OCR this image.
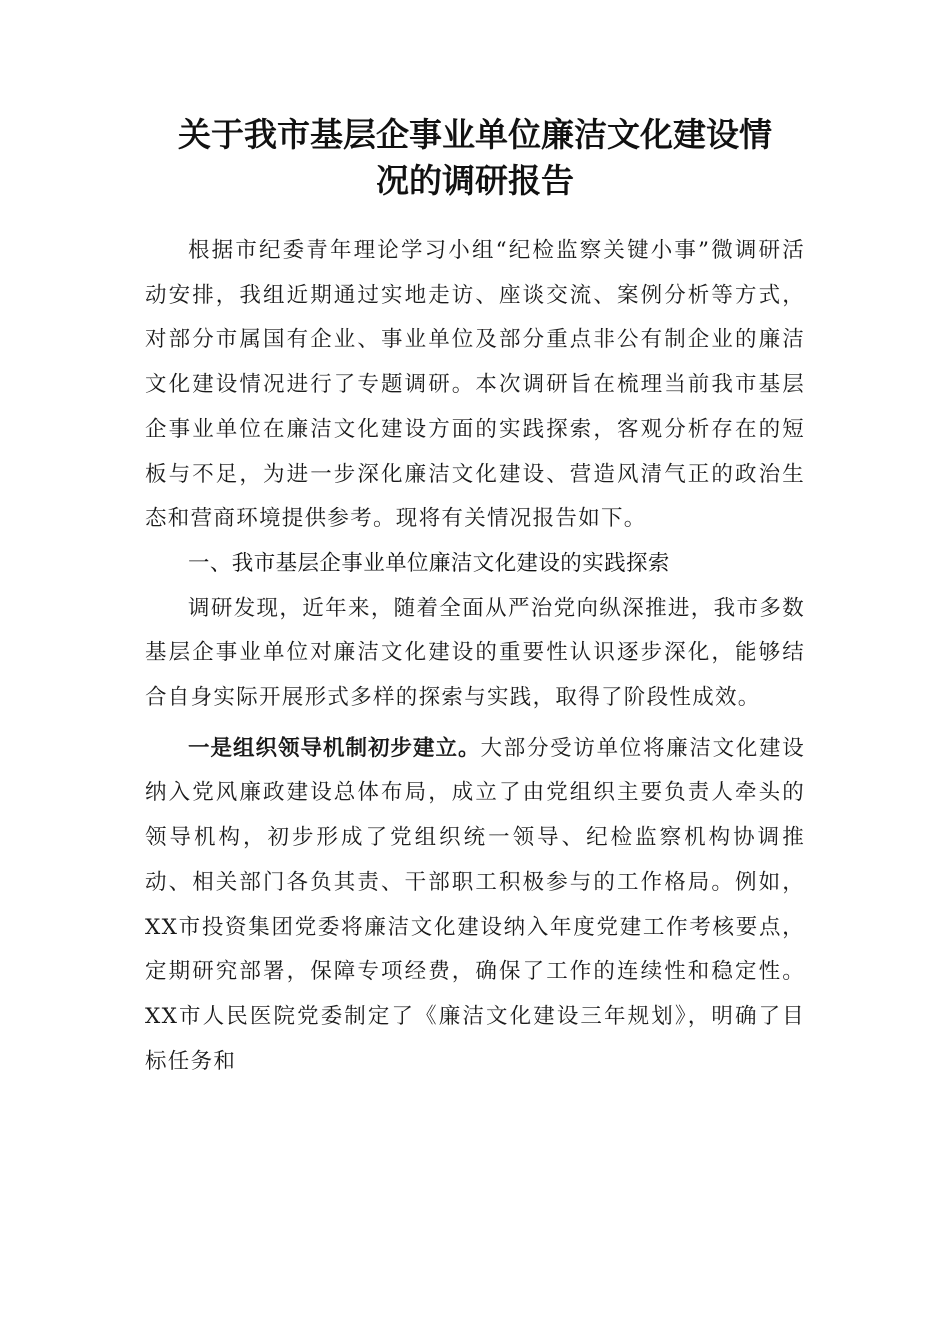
关于我市基层企事业单位廉洁文化建设情
况的调研报告

根据市纪委青年理论学习小组“纪检监察关键小事”微调研活动安排，我组近期通过实地走访、座谈交流、案例分析等方式，对部分市属国有企业、事业单位及部分重点非公有制企业的廉洁文化建设情况进行了专题调研。本次调研旨在梳理当前我市基层企事业单位在廉洁文化建设方面的实践探索，客观分析存在的短板与不足，为进一步深化廉洁文化建设、营造风清气正的政治生态和营商环境提供参考。现将有关情况报告如下。

一、我市基层企事业单位廉洁文化建设的实践探索

调研发现，近年来，随着全面从严治党向纵深推进，我市多数基层企事业单位对廉洁文化建设的重要性认识逐步深化，能够结合自身实际开展形式多样的探索与实践，取得了阶段性成效。

一是组织领导机制初步建立。大部分受访单位将廉洁文化建设纳入党风廉政建设总体布局，成立了由党组织主要负责人牵头的领导机构，初步形成了党组织统一领导、纪检监察机构协调推动、相关部门各负其责、干部职工积极参与的工作格局。例如，XX市投资集团党委将廉洁文化建设纳入年度党建工作考核要点，定期研究部署，保障专项经费，确保了工作的连续性和稳定性。XX市人民医院党委制定了《廉洁文化建设三年规划》，明确了目标任务和
